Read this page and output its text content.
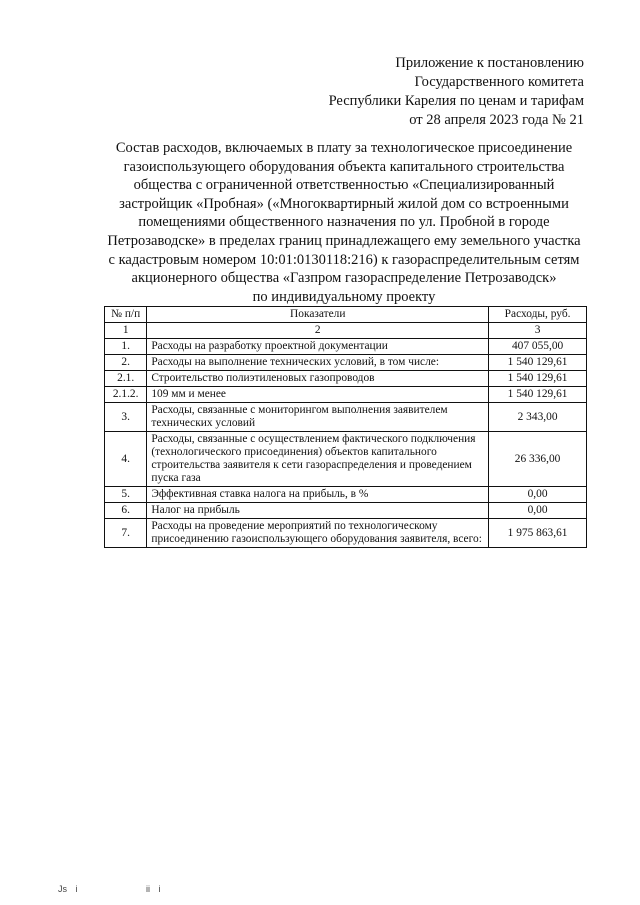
Приложение к постановлению
Государственного комитета
Республики Карелия по ценам и тарифам
от 28 апреля 2023 года № 21
Состав расходов, включаемых в плату за технологическое присоединение
газоиспользующего оборудования объекта капитального строительства
общества с ограниченной ответственностью «Специализированный
застройщик «Пробная» («Многоквартирный жилой дом со встроенными
помещениями общественного назначения по ул. Пробной в городе
Петрозаводске» в пределах границ принадлежащего ему земельного участка
с кадастровым номером 10:01:0130118:216) к газораспределительным сетям
акционерного общества «Газпром газораспределение Петрозаводск»
по индивидуальному проекту
№ п/п	Показатели	Расходы, руб.
1	2	3
1.	Расходы на разработку проектной документации	407 055,00
2.	Расходы на выполнение технических условий, в том числе:	1 540 129,61
2.1.	Строительство полиэтиленовых газопроводов	1 540 129,61
2.1.2.	109 мм и менее	1 540 129,61
3.	Расходы, связанные с мониторингом выполнения заявителем технических условий	2 343,00
4.	Расходы, связанные с осуществлением фактического подключения (технологического присоединения) объектов капитального строительства заявителя к сети газораспределения и проведением пуска газа	26 336,00
5.	Эффективная ставка налога на прибыль, в %	0,00
6.	Налог на прибыль	0,00
7.	Расходы на проведение мероприятий по технологическому присоединению газоиспользующего оборудования заявителя, всего:	1 975 863,61
Js i	ii i
